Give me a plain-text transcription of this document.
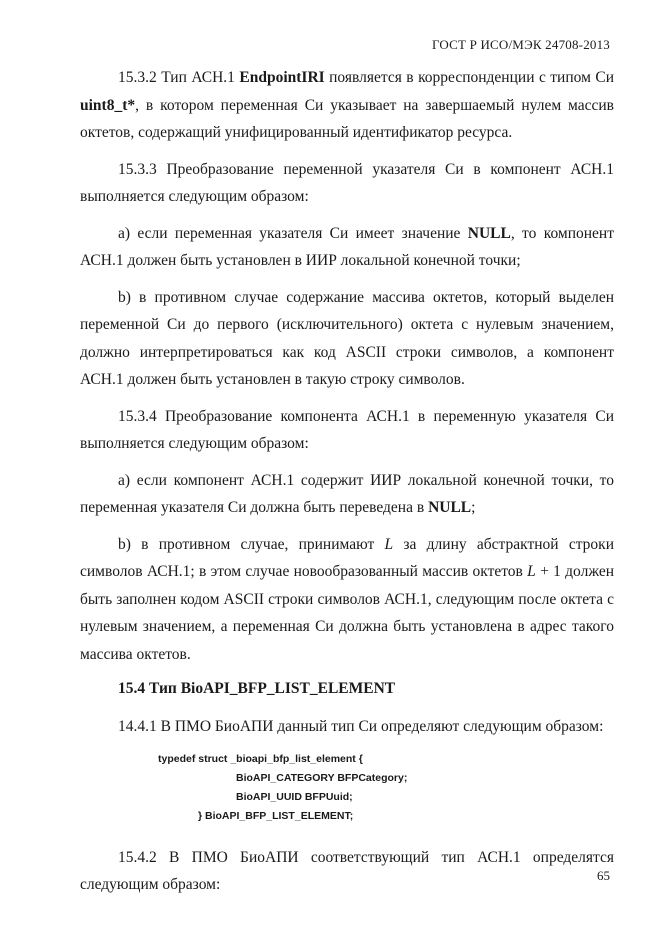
ГОСТ Р ИСО/МЭК 24708-2013

15.3.2 Тип АСН.1 EndpointIRI появляется в корреспонденции с типом Си uint8_t*, в котором переменная Си указывает на завершаемый нулем массив октетов, содержащий унифицированный идентификатор ресурса.

15.3.3 Преобразование переменной указателя Си в компонент АСН.1 выполняется следующим образом:

a) если переменная указателя Си имеет значение NULL, то компонент АСН.1 должен быть установлен в ИИР локальной конечной точки;

b) в противном случае содержание массива октетов, который выделен переменной Си до первого (исключительного) октета с нулевым значением, должно интерпретироваться как код ASCII строки символов, а компонент АСН.1 должен быть установлен в такую строку символов.

15.3.4 Преобразование компонента АСН.1 в переменную указателя Си выполняется следующим образом:

a) если компонент АСН.1 содержит ИИР локальной конечной точки, то переменная указателя Си должна быть переведена в NULL;

b) в противном случае, принимают L за длину абстрактной строки символов АСН.1; в этом случае новообразованный массив октетов L + 1 должен быть заполнен кодом ASCII строки символов АСН.1, следующим после октета с нулевым значением, а переменная Си должна быть установлена в адрес такого массива октетов.

15.4 Тип BioAPI_BFP_LIST_ELEMENT

14.4.1 В ПМО БиоАПИ данный тип Си определяют следующим образом:

typedef struct _bioapi_bfp_list_element {
BioAPI_CATEGORY BFPCategory;
BioAPI_UUID BFPUuid;
} BioAPI_BFP_LIST_ELEMENT;

15.4.2 В ПМО БиоАПИ соответствующий тип АСН.1 определятся следующим образом:

65
